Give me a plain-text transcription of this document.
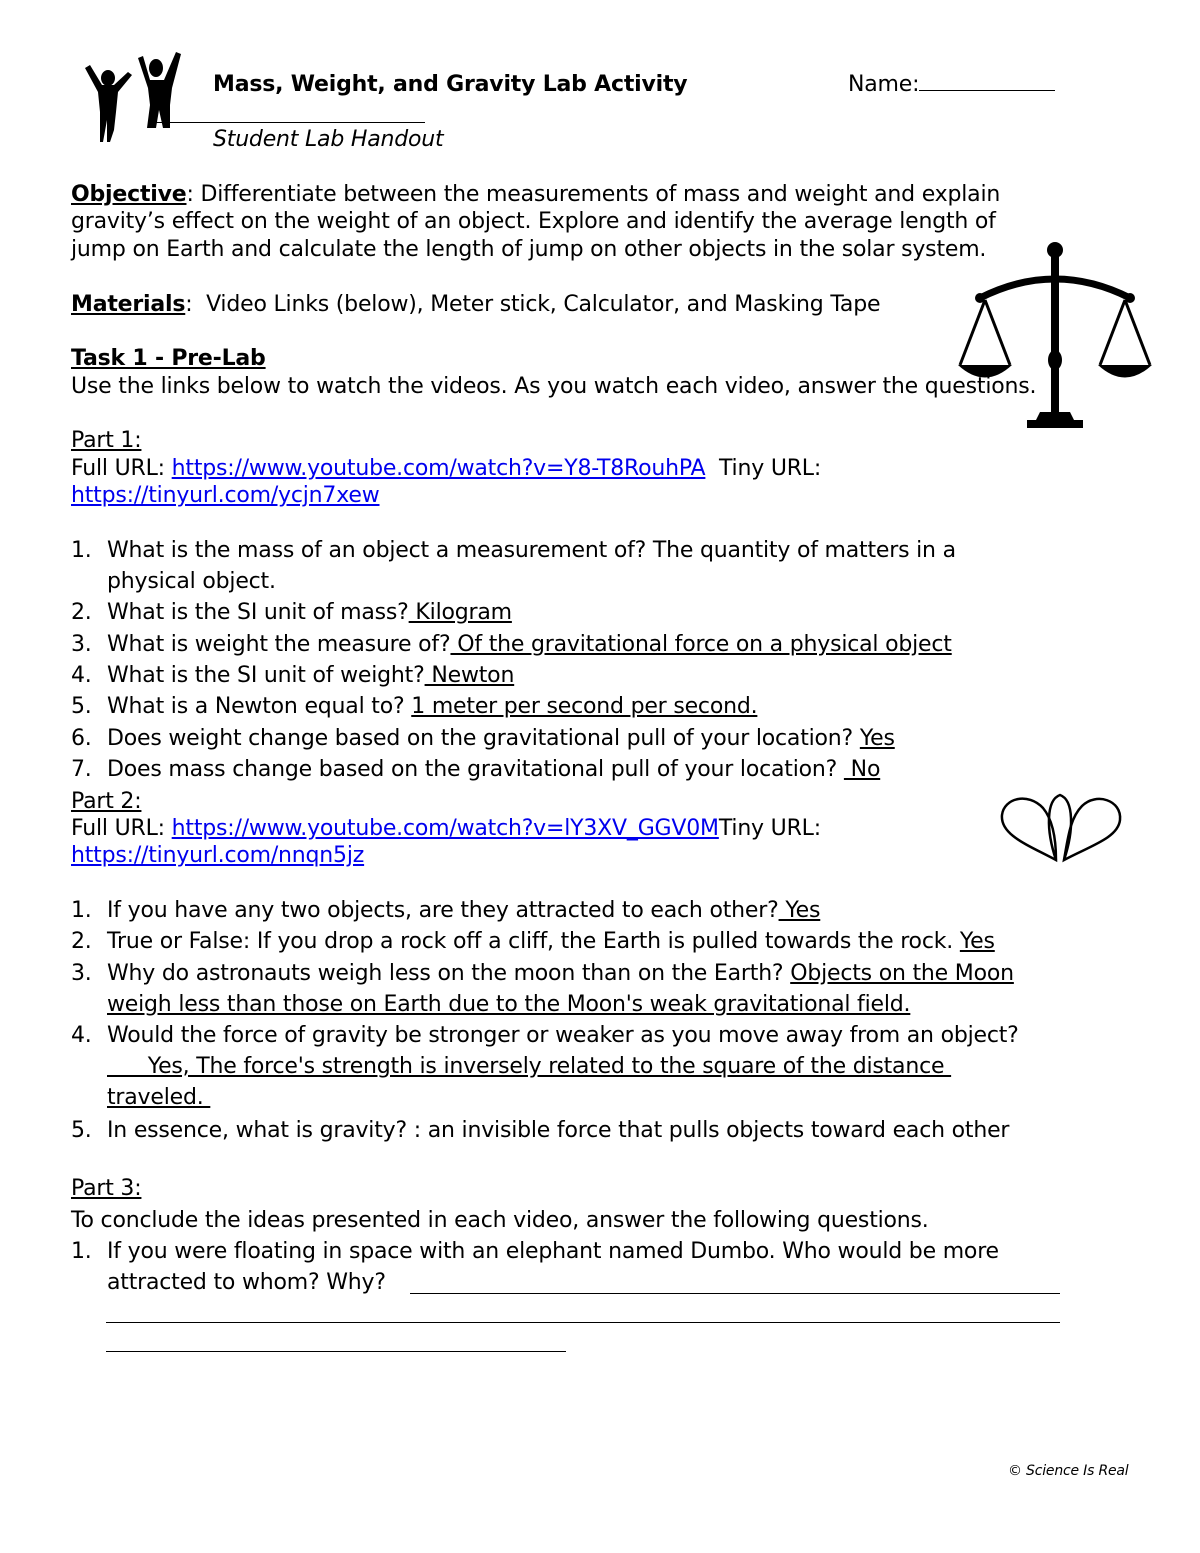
Mass, Weight, and Gravity Lab Activity	Name:
Student Lab Handout
Objective: Differentiate between the measurements of mass and weight and explain
gravity’s effect on the weight of an object. Explore and identify the average length of
jump on Earth and calculate the length of jump on other objects in the solar system.
Materials:  Video Links (below), Meter stick, Calculator, and Masking Tape
Task 1 - Pre-Lab
Use the links below to watch the videos. As you watch each video, answer the questions.
Part 1:
Full URL: https://www.youtube.com/watch?v=Y8-T8RouhPA Tiny URL:
https://tinyurl.com/ycjn7xew
1. What is the mass of an object a measurement of? The quantity of matters in a
physical object.
2. What is the SI unit of mass? Kilogram
3. What is weight the measure of? Of the gravitational force on a physical object
4. What is the SI unit of weight? Newton
5. What is a Newton equal to? 1 meter per second per second.
6. Does weight change based on the gravitational pull of your location? Yes
7. Does mass change based on the gravitational pull of your location?  No
Part 2:
Full URL: https://www.youtube.com/watch?v=lY3XV_GGV0MTiny URL:
https://tinyurl.com/nnqn5jz
1. If you have any two objects, are they attracted to each other? Yes
2. True or False: If you drop a rock off a cliff, the Earth is pulled towards the rock. Yes
3. Why do astronauts weigh less on the moon than on the Earth? Objects on the Moon
weigh less than those on Earth due to the Moon's weak gravitational field.
4. Would the force of gravity be stronger or weaker as you move away from an object?
Yes, The force's strength is inversely related to the square of the distance
traveled.
5. In essence, what is gravity? : an invisible force that pulls objects toward each other
Part 3:
To conclude the ideas presented in each video, answer the following questions.
1. If you were floating in space with an elephant named Dumbo. Who would be more
attracted to whom? Why?
© Science Is Real
